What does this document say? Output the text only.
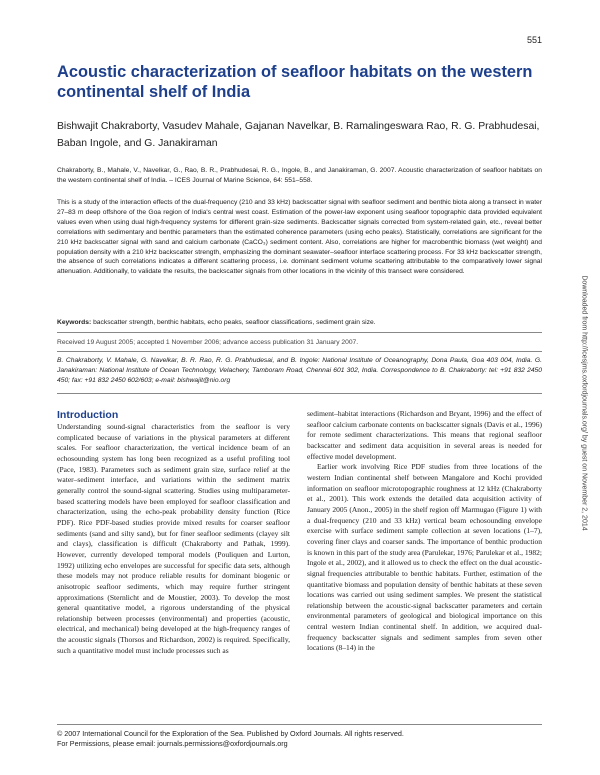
551
Acoustic characterization of seafloor habitats on the western continental shelf of India
Bishwajit Chakraborty, Vasudev Mahale, Gajanan Navelkar, B. Ramalingeswara Rao, R. G. Prabhudesai, Baban Ingole, and G. Janakiraman
Chakraborty, B., Mahale, V., Navelkar, G., Rao, B. R., Prabhudesai, R. G., Ingole, B., and Janakiraman, G. 2007. Acoustic characterization of seafloor habitats on the western continental shelf of India. – ICES Journal of Marine Science, 64: 551–558.
This is a study of the interaction effects of the dual-frequency (210 and 33 kHz) backscatter signal with seafloor sediment and benthic biota along a transect in water 27–83 m deep offshore of the Goa region of India's central west coast. Estimation of the power-law exponent using seafloor topographic data provided equivalent values even when using dual high-frequency systems for different grain-size sediments. Backscatter signals corrected from system-related gain, etc., reveal better correlations with sedimentary and benthic parameters than the estimated coherence parameters (using echo peaks). Statistically, correlations are significant for the 210 kHz backscatter signal with sand and calcium carbonate (CaCO₃) sediment content. Also, correlations are higher for macrobenthic biomass (wet weight) and population density with a 210 kHz backscatter strength, emphasizing the dominant seawater–seafloor interface scattering process. For 33 kHz backscatter strength, the absence of such correlations indicates a different scattering process, i.e. dominant sediment volume scattering attributable to the comparatively lower signal attenuation. Additionally, to validate the results, the backscatter signals from other locations in the vicinity of this transect were considered.
Keywords: backscatter strength, benthic habitats, echo peaks, seafloor classifications, sediment grain size.
Received 19 August 2005; accepted 1 November 2006; advance access publication 31 January 2007.
B. Chakraborty, V. Mahale, G. Navelkar, B. R. Rao, R. G. Prabhudesai, and B. Ingole: National Institute of Oceanography, Dona Paula, Goa 403 004, India. G. Janakiraman: National Institute of Ocean Technology, Velachery, Tamboram Road, Chennai 601 302, India. Correspondence to B. Chakraborty: tel: +91 832 2450 450; fax: +91 832 2450 602/603; e-mail: bishwajit@nio.org
Introduction
Understanding sound-signal characteristics from the seafloor is very complicated because of variations in the physical parameters at different scales. For seafloor characterization, the vertical incidence beam of an echosounding system has long been recognized as a useful profiling tool (Pace, 1983). Parameters such as sediment grain size, surface relief at the water–sediment interface, and variations within the sediment matrix generally control the sound-signal scattering. Studies using multiparameter-based scattering models have been employed for seafloor classification and characterization, using the echo-peak probability density function (Rice PDF). Rice PDF-based studies provide mixed results for coarser seafloor sediments (sand and silty sand), but for finer seafloor sediments (clayey silt and clays), classification is difficult (Chakraborty and Pathak, 1999). However, currently developed temporal models (Pouliquen and Lurton, 1992) utilizing echo envelopes are successful for specific data sets, although these models may not produce reliable results for dominant biogenic or anisotropic seafloor sediments, which may require further stringent approximations (Sternlicht and de Moustier, 2003). To develop the most general quantitative model, a rigorous understanding of the physical relationship between processes (environmental) and properties (acoustic, electrical, and mechanical) being developed at the high-frequency ranges of the acoustic signals (Thorsos and Richardson, 2002) is required. Specifically, such a quantitative model must include processes such as

sediment–habitat interactions (Richardson and Bryant, 1996) and the effect of seafloor calcium carbonate contents on backscatter signals (Davis et al., 1996) for remote sediment characterizations. This means that regional seafloor backscatter and sediment data acquisition in several areas is needed for effective model development.

Earlier work involving Rice PDF studies from three locations of the western Indian continental shelf between Mangalore and Kochi provided information on seafloor microtopographic roughness at 12 kHz (Chakraborty et al., 2001). This work extends the detailed data acquisition activity of January 2005 (Anon., 2005) in the shelf region off Marmugao (Figure 1) with a dual-frequency (210 and 33 kHz) vertical beam echosounding envelope exercise with surface sediment sample collection at seven locations (1–7), covering finer clays and coarser sands. The importance of benthic production is known in this part of the study area (Parulekar, 1976; Parulekar et al., 1982; Ingole et al., 2002), and it allowed us to check the effect on the dual acoustic-signal frequencies attributable to benthic habitats. Further, estimation of the quantitative biomass and population density of benthic habitats at these seven locations was carried out using sediment samples. We present the statistical relationship between the acoustic-signal backscatter parameters and certain environmental parameters of geological and biological importance on this central western Indian continental shelf. In addition, we acquired dual-frequency backscatter signals and sediment samples from seven other locations (8–14) in the

© 2007 International Council for the Exploration of the Sea. Published by Oxford Journals. All rights reserved.
For Permissions, please email: journals.permissions@oxfordjournals.org
Downloaded from http://icesjms.oxfordjournals.org/ by guest on November 2, 2014
